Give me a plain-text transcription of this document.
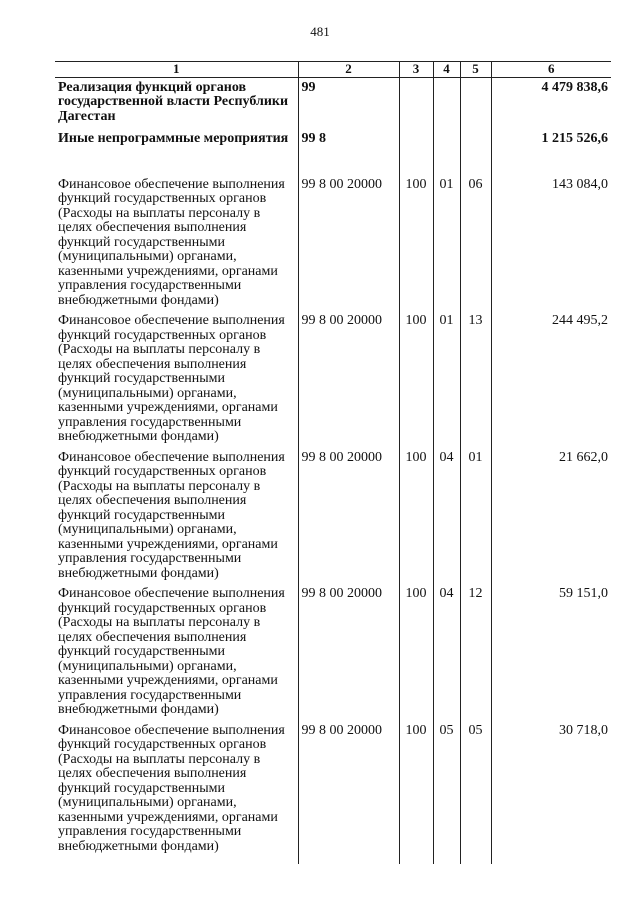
481
1	2	3	4	5	6
Реализация функций органов государственной власти Республики Дагестан	99				4 479 838,6
Иные непрограммные мероприятия	99 8				1 215 526,6
Финансовое обеспечение выполнения функций государственных органов (Расходы на выплаты персоналу в целях обеспечения выполнения функций государственными (муниципальными) органами, казенными учреждениями, органами управления государственными внебюджетными фондами)	99 8 00 20000	100	01	06	143 084,0
Финансовое обеспечение выполнения функций государственных органов (Расходы на выплаты персоналу в целях обеспечения выполнения функций государственными (муниципальными) органами, казенными учреждениями, органами управления государственными внебюджетными фондами)	99 8 00 20000	100	01	13	244 495,2
Финансовое обеспечение выполнения функций государственных органов (Расходы на выплаты персоналу в целях обеспечения выполнения функций государственными (муниципальными) органами, казенными учреждениями, органами управления государственными внебюджетными фондами)	99 8 00 20000	100	04	01	21 662,0
Финансовое обеспечение выполнения функций государственных органов (Расходы на выплаты персоналу в целях обеспечения выполнения функций государственными (муниципальными) органами, казенными учреждениями, органами управления государственными внебюджетными фондами)	99 8 00 20000	100	04	12	59 151,0
Финансовое обеспечение выполнения функций государственных органов (Расходы на выплаты персоналу в целях обеспечения выполнения функций государственными (муниципальными) органами, казенными учреждениями, органами управления государственными внебюджетными фондами)	99 8 00 20000	100	05	05	30 718,0
